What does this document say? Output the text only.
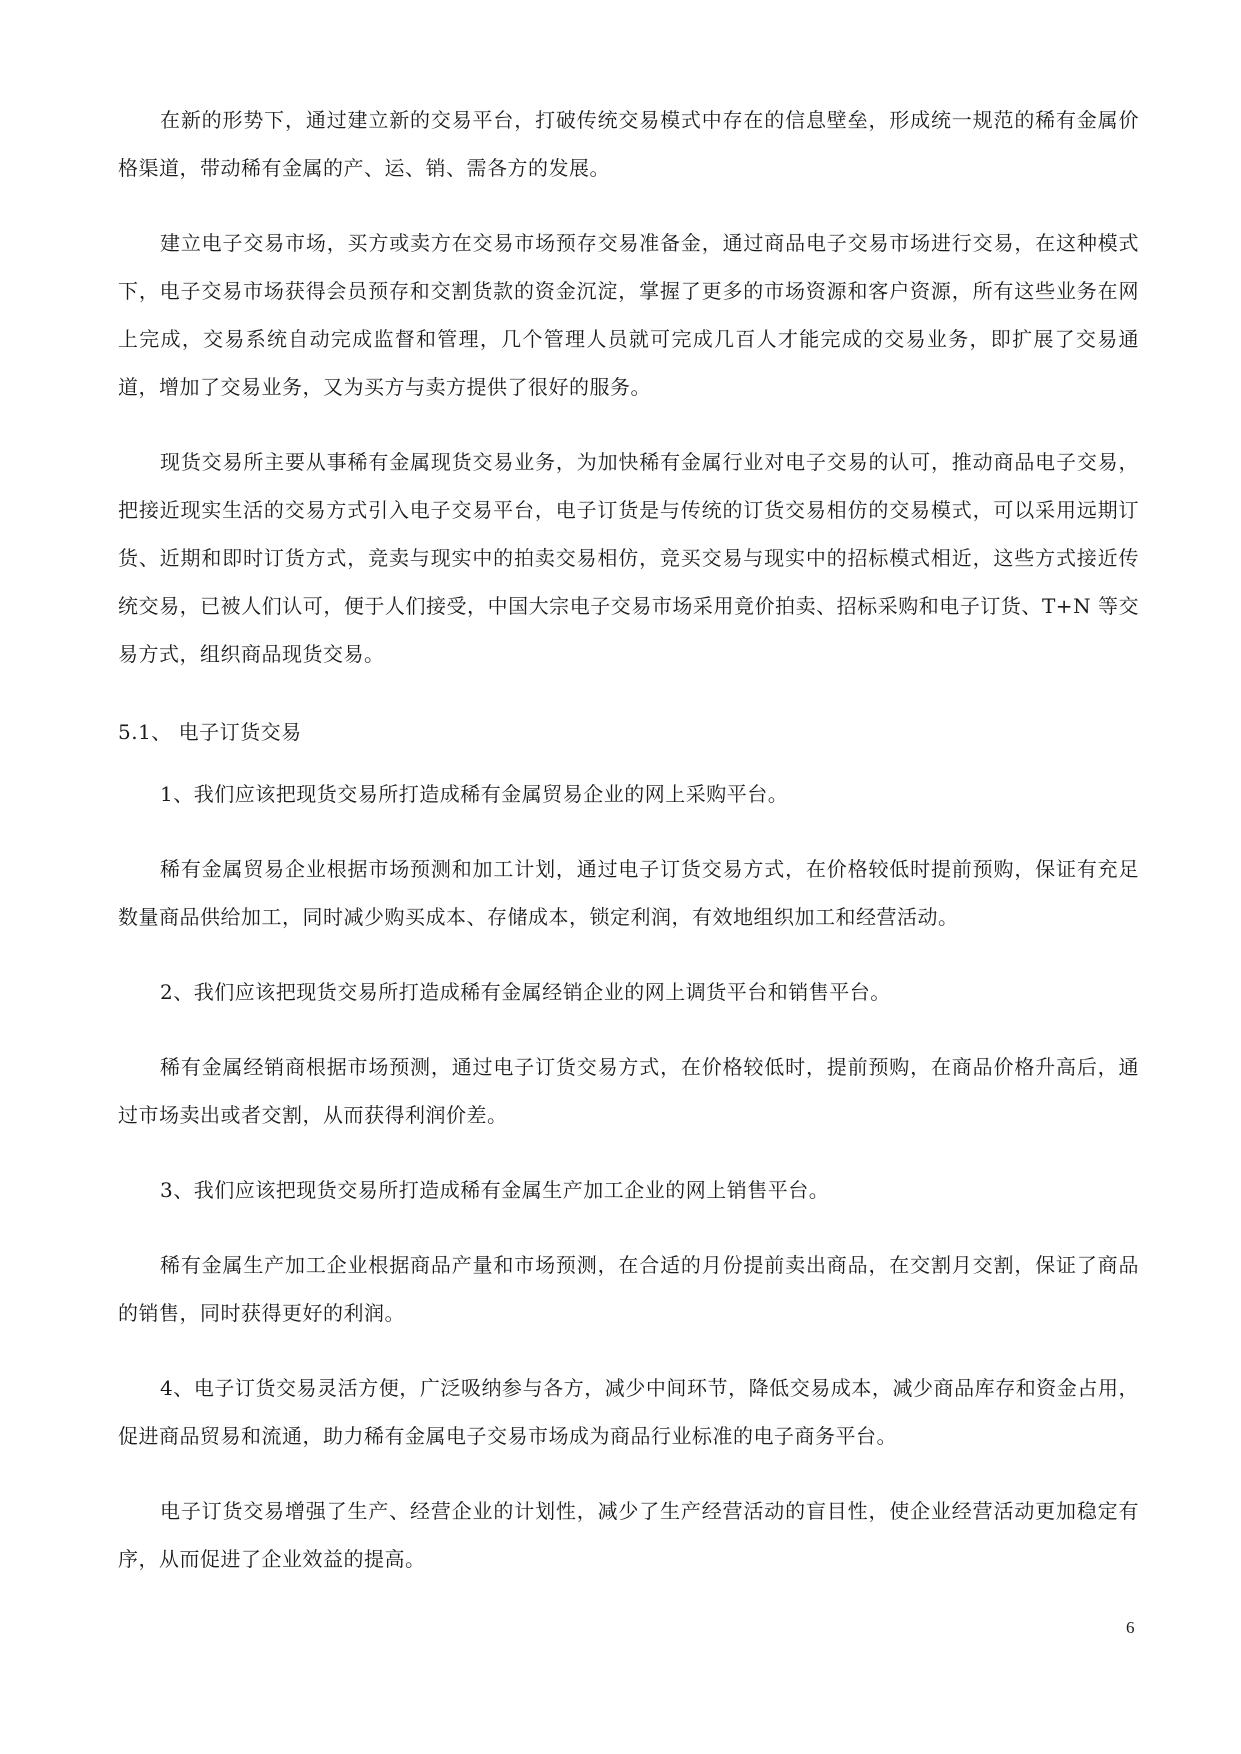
在新的形势下，通过建立新的交易平台，打破传统交易模式中存在的信息壁垒，形成统一规范的稀有金属价格渠道，带动稀有金属的产、运、销、需各方的发展。

建立电子交易市场，买方或卖方在交易市场预存交易准备金，通过商品电子交易市场进行交易，在这种模式下，电子交易市场获得会员预存和交割货款的资金沉淀，掌握了更多的市场资源和客户资源，所有这些业务在网上完成，交易系统自动完成监督和管理，几个管理人员就可完成几百人才能完成的交易业务，即扩展了交易通道，增加了交易业务，又为买方与卖方提供了很好的服务。

现货交易所主要从事稀有金属现货交易业务，为加快稀有金属行业对电子交易的认可，推动商品电子交易，把接近现实生活的交易方式引入电子交易平台，电子订货是与传统的订货交易相仿的交易模式，可以采用远期订货、近期和即时订货方式，竞卖与现实中的拍卖交易相仿，竞买交易与现实中的招标模式相近，这些方式接近传统交易，已被人们认可，便于人们接受，中国大宗电子交易市场采用竟价拍卖、招标采购和电子订货、T+N 等交易方式，组织商品现货交易。

5.1、 电子订货交易

1、我们应该把现货交易所打造成稀有金属贸易企业的网上采购平台。

稀有金属贸易企业根据市场预测和加工计划，通过电子订货交易方式，在价格较低时提前预购，保证有充足数量商品供给加工，同时减少购买成本、存储成本，锁定利润，有效地组织加工和经营活动。

2、我们应该把现货交易所打造成稀有金属经销企业的网上调货平台和销售平台。

稀有金属经销商根据市场预测，通过电子订货交易方式，在价格较低时，提前预购，在商品价格升高后，通过市场卖出或者交割，从而获得利润价差。

3、我们应该把现货交易所打造成稀有金属生产加工企业的网上销售平台。

稀有金属生产加工企业根据商品产量和市场预测，在合适的月份提前卖出商品，在交割月交割，保证了商品的销售，同时获得更好的利润。

4、电子订货交易灵活方便，广泛吸纳参与各方，减少中间环节，降低交易成本，减少商品库存和资金占用，促进商品贸易和流通，助力稀有金属电子交易市场成为商品行业标准的电子商务平台。

电子订货交易增强了生产、经营企业的计划性，减少了生产经营活动的盲目性，使企业经营活动更加稳定有序，从而促进了企业效益的提高。

6
